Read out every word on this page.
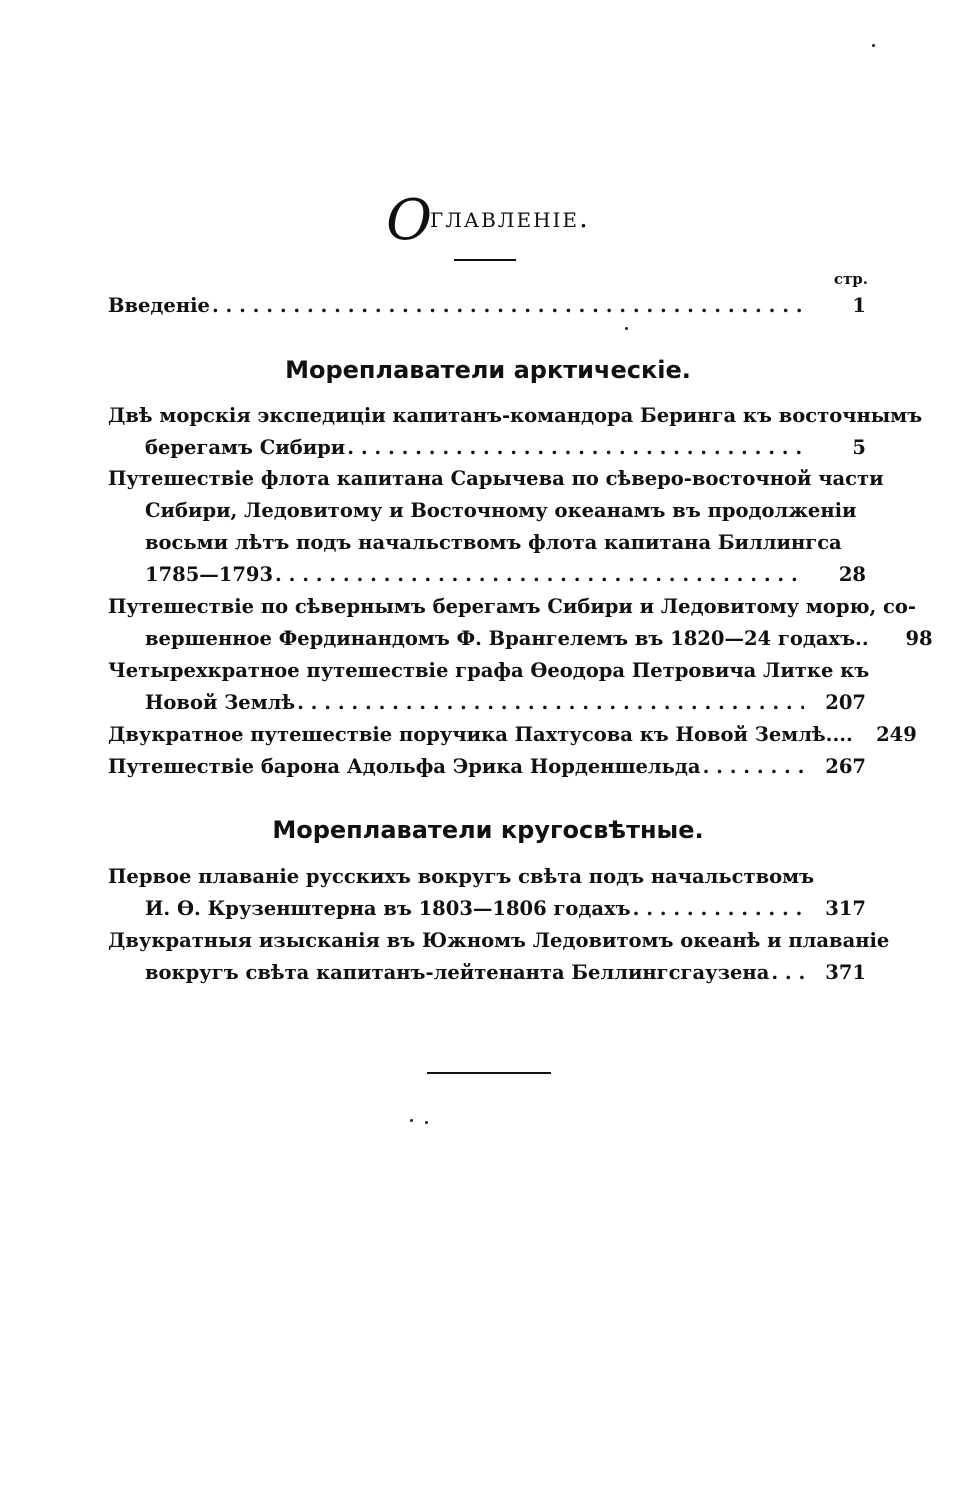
Оглавленіе.
стр.
Введеніе . . .	1
Мореплаватели арктическіе.
Двѣ морскія экспедиціи капитанъ-командора Беринга къ восточнымъ
берегамъ Сибири . . .	5
Путешествіе флота капитана Сарычева по сѣверо-восточной части
Сибири, Ледовитому и Восточному океанамъ въ продолженіи
восьми лѣтъ подъ начальствомъ флота капитана Биллингса
1785—1793 . . .	28
Путешествіе по сѣвернымъ берегамъ Сибири и Ледовитому морю, со-
вершенное Фердинандомъ Ф. Врангелемъ въ 1820—24 годахъ..	98
Четырехкратное путешествіе графа Ѳеодора Петровича Литке къ
Новой Землѣ . . .	207
Двукратное путешествіе поручика Пахтусова къ Новой Землѣ....	249
Путешествіе барона Адольфа Эрика Норденшельда . . .	267
Мореплаватели кругосвѣтные.
Первое плаваніе русскихъ вокругъ свѣта подъ начальствомъ
И. Ѳ. Крузенштерна въ 1803—1806 годахъ . . .	317
Двукратныя изысканія въ Южномъ Ледовитомъ океанѣ и плаваніе
вокругъ свѣта капитанъ-лейтенанта Беллингсгаузена . . .	371
